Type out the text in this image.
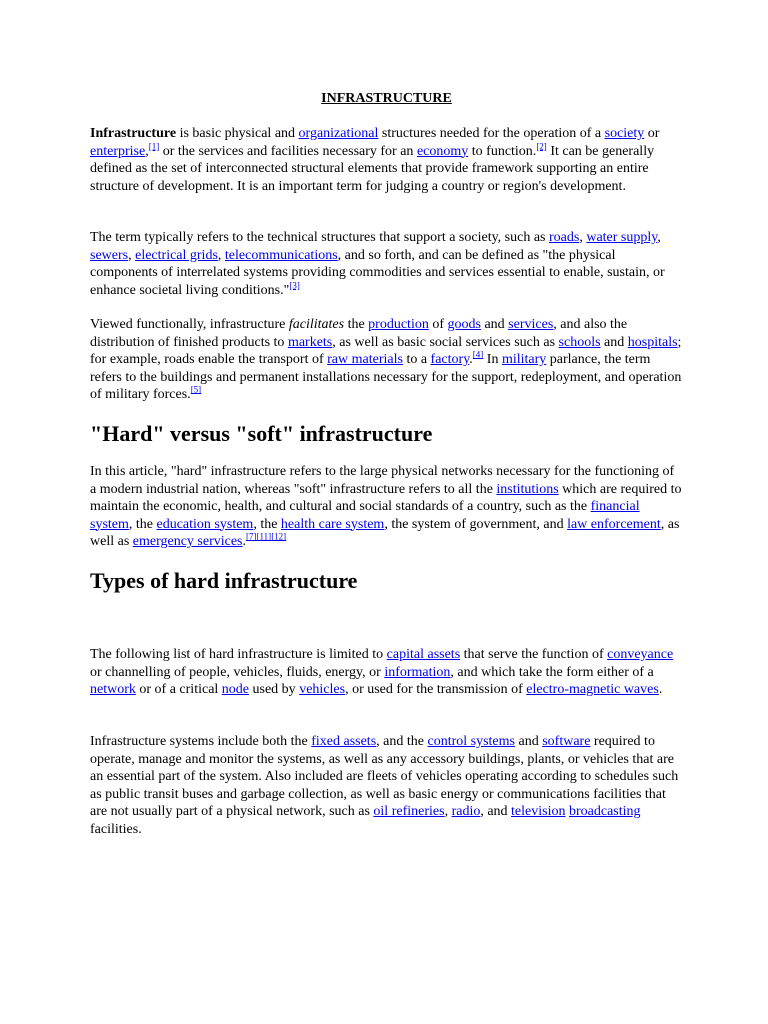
INFRASTRUCTURE

Infrastructure is basic physical and organizational structures needed for the operation of a society or enterprise,[1] or the services and facilities necessary for an economy to function.[2] It can be generally defined as the set of interconnected structural elements that provide framework supporting an entire structure of development. It is an important term for judging a country or region's development.

The term typically refers to the technical structures that support a society, such as roads, water supply, sewers, electrical grids, telecommunications, and so forth, and can be defined as "the physical components of interrelated systems providing commodities and services essential to enable, sustain, or enhance societal living conditions."[3]

Viewed functionally, infrastructure facilitates the production of goods and services, and also the distribution of finished products to markets, as well as basic social services such as schools and hospitals; for example, roads enable the transport of raw materials to a factory.[4] In military parlance, the term refers to the buildings and permanent installations necessary for the support, redeployment, and operation of military forces.[5]

"Hard" versus "soft" infrastructure

In this article, "hard" infrastructure refers to the large physical networks necessary for the functioning of a modern industrial nation, whereas "soft" infrastructure refers to all the institutions which are required to maintain the economic, health, and cultural and social standards of a country, such as the financial system, the education system, the health care system, the system of government, and law enforcement, as well as emergency services.[7][11][12]

Types of hard infrastructure

The following list of hard infrastructure is limited to capital assets that serve the function of conveyance or channelling of people, vehicles, fluids, energy, or information, and which take the form either of a network or of a critical node used by vehicles, or used for the transmission of electro-magnetic waves.

Infrastructure systems include both the fixed assets, and the control systems and software required to operate, manage and monitor the systems, as well as any accessory buildings, plants, or vehicles that are an essential part of the system. Also included are fleets of vehicles operating according to schedules such as public transit buses and garbage collection, as well as basic energy or communications facilities that are not usually part of a physical network, such as oil refineries, radio, and television broadcasting facilities.
